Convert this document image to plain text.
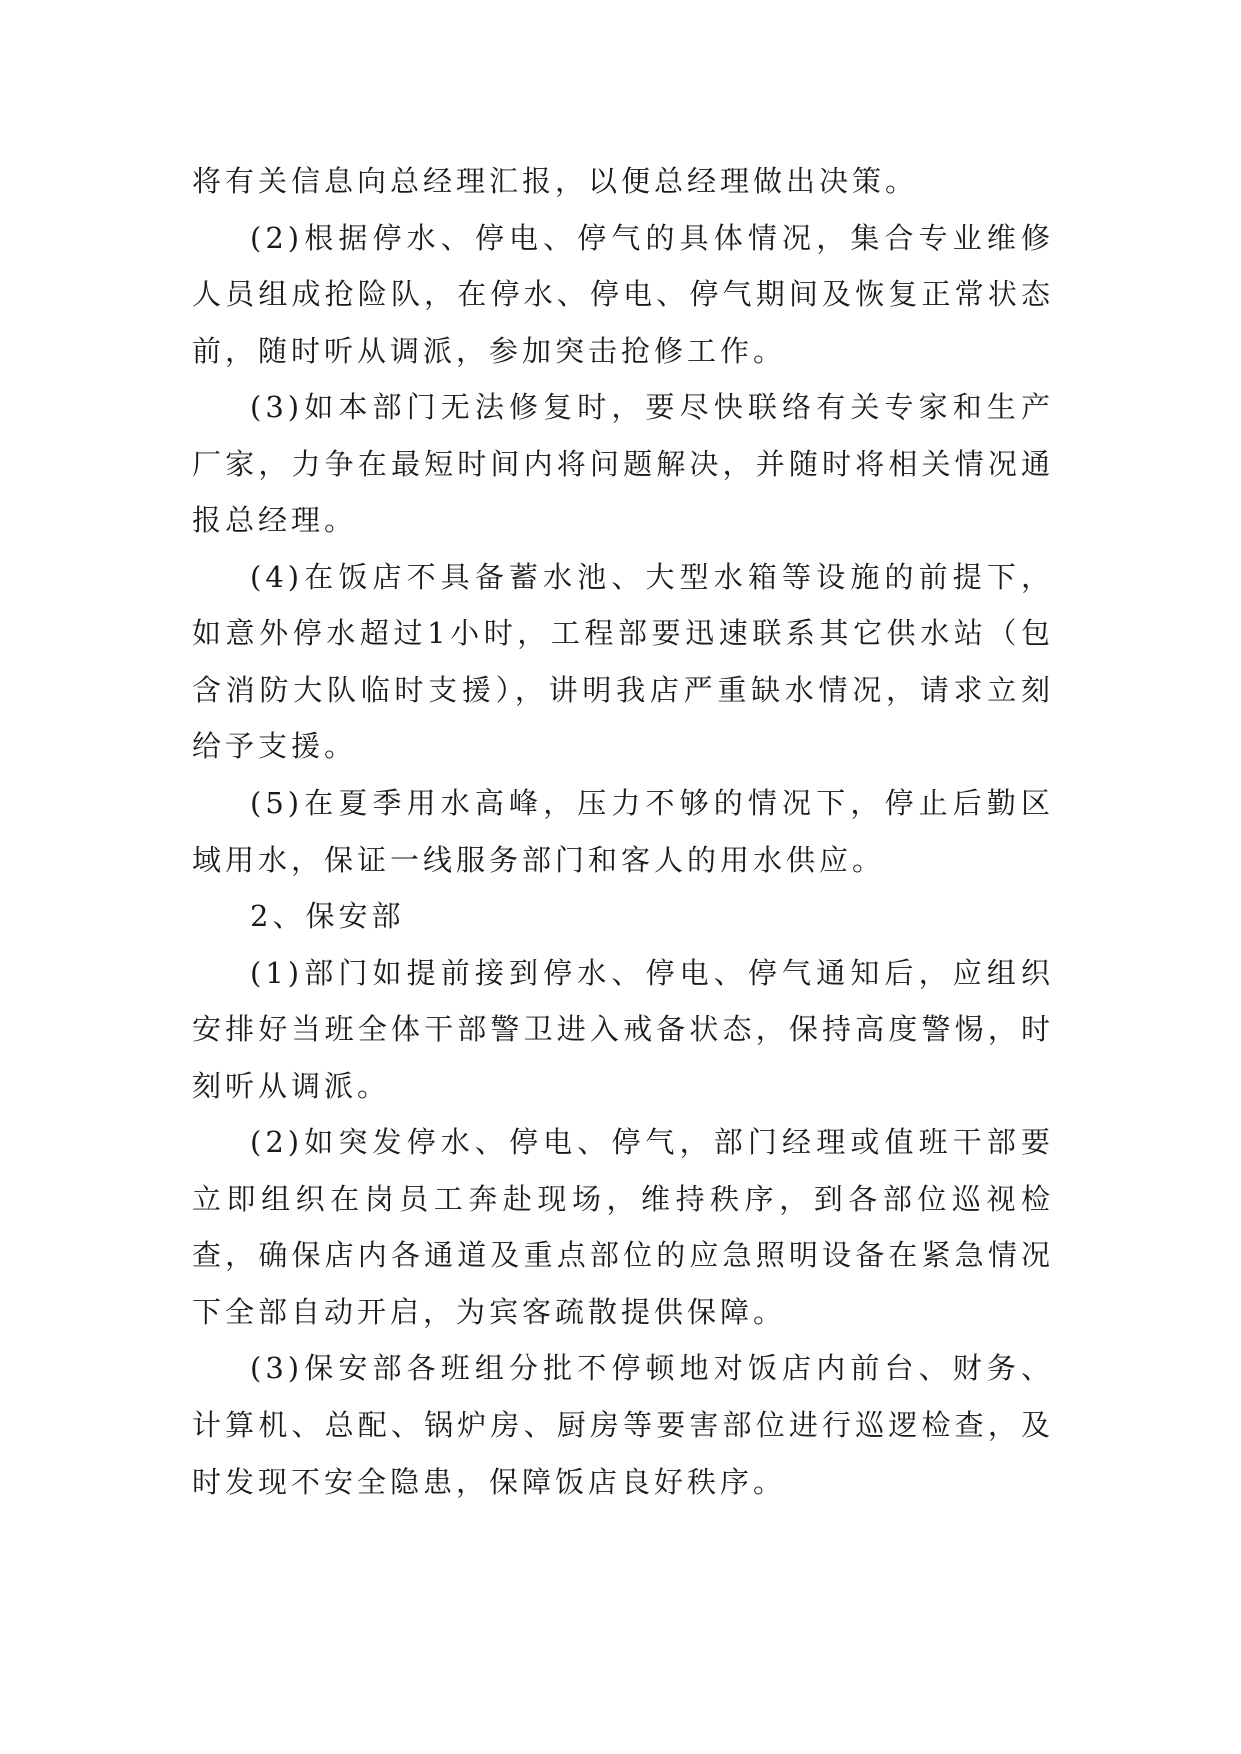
将有关信息向总经理汇报，以便总经理做出决策。

(2)根据停水、停电、停气的具体情况，集合专业维修人员组成抢险队，在停水、停电、停气期间及恢复正常状态前，随时听从调派，参加突击抢修工作。

(3)如本部门无法修复时，要尽快联络有关专家和生产厂家，力争在最短时间内将问题解决，并随时将相关情况通报总经理。

(4)在饭店不具备蓄水池、大型水箱等设施的前提下，如意外停水超过1小时，工程部要迅速联系其它供水站（包含消防大队临时支援），讲明我店严重缺水情况，请求立刻给予支援。

(5)在夏季用水高峰，压力不够的情况下，停止后勤区域用水，保证一线服务部门和客人的用水供应。

2、保安部

(1)部门如提前接到停水、停电、停气通知后，应组织安排好当班全体干部警卫进入戒备状态，保持高度警惕，时刻听从调派。

(2)如突发停水、停电、停气，部门经理或值班干部要立即组织在岗员工奔赴现场，维持秩序，到各部位巡视检查，确保店内各通道及重点部位的应急照明设备在紧急情况下全部自动开启，为宾客疏散提供保障。

(3)保安部各班组分批不停顿地对饭店内前台、财务、计算机、总配、锅炉房、厨房等要害部位进行巡逻检查，及时发现不安全隐患，保障饭店良好秩序。
